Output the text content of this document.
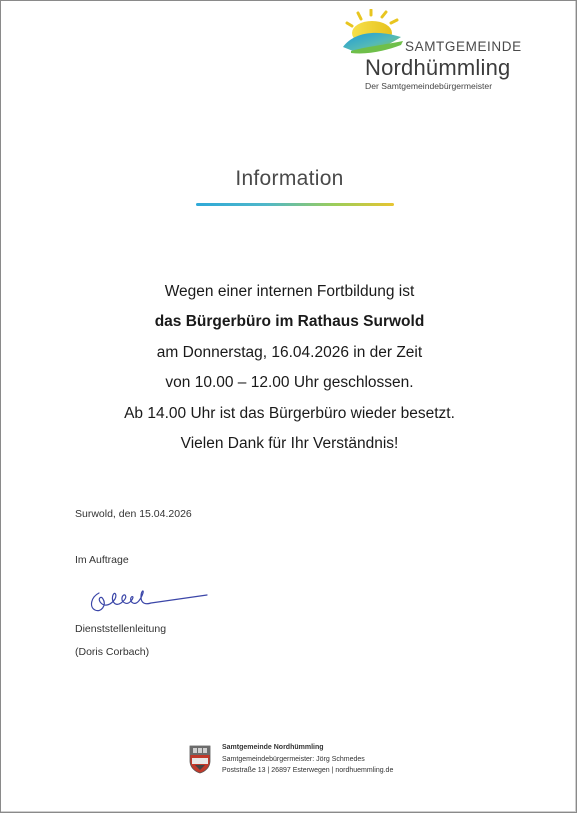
SAMTGEMEINDE
Nordhümmling
Der Samtgemeindebürgermeister
Information
Wegen einer internen Fortbildung ist
das Bürgerbüro im Rathaus Surwold
am Donnerstag, 16.04.2026 in der Zeit
von 10.00 – 12.00 Uhr geschlossen.
Ab 14.00 Uhr ist das Bürgerbüro wieder besetzt.
Vielen Dank für Ihr Verständnis!
Surwold, den 15.04.2026
Im Auftrage
Dienststellenleitung
(Doris Corbach)
Samtgemeinde Nordhümmling
Samtgemeindebürgermeister: Jörg Schmedes
Poststraße 13 | 26897 Esterwegen | nordhuemmling.de
